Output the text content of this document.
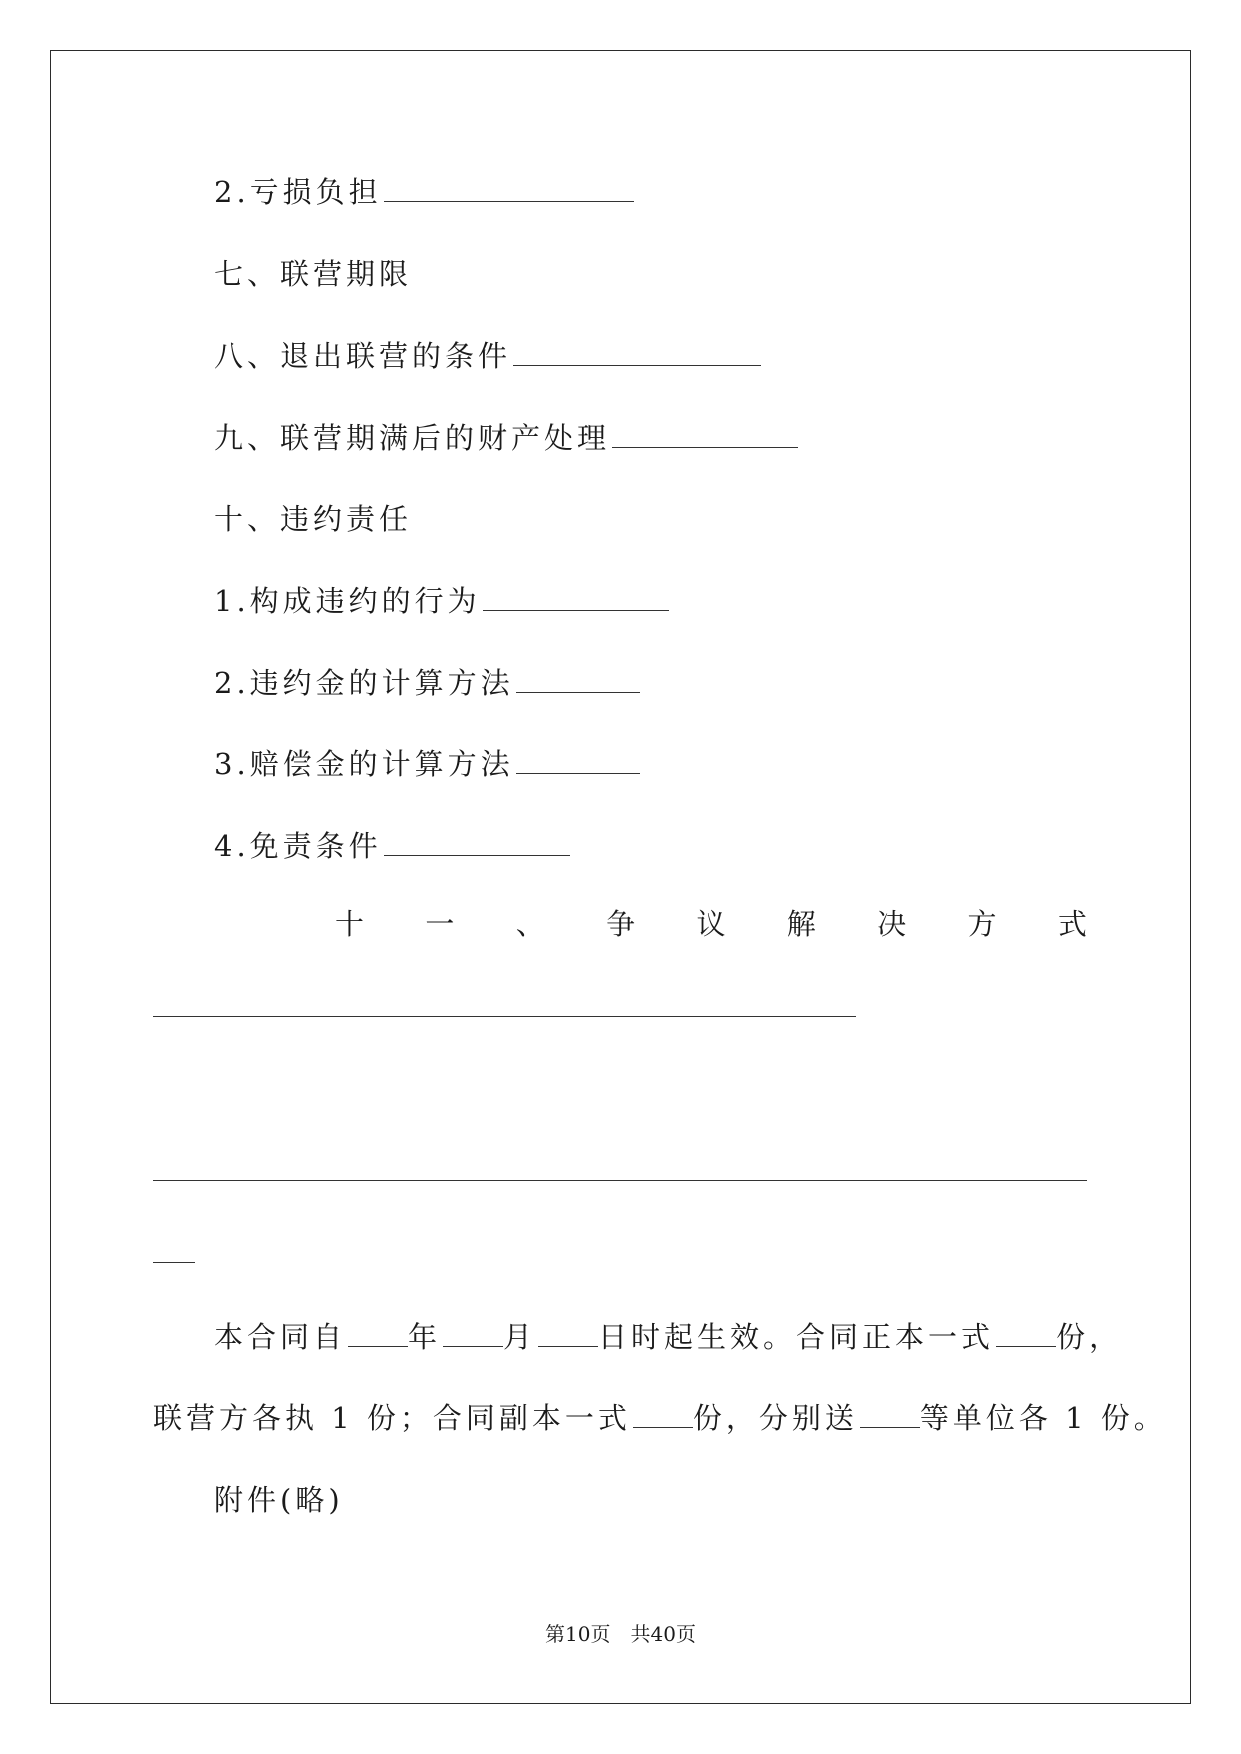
2.亏损负担
七、联营期限
八、退出联营的条件
九、联营期满后的财产处理
十、违约责任
1.构成违约的行为
2.违约金的计算方法
3.赔偿金的计算方法
4.免责条件
十 一 、 争 议 解 决 方 式
本合同自 年 月 日时起生效。合同正本一式 份，
联营方各执 1 份；合同副本一式 份，分别送 等单位各 1 份。
附件(略)
第10页　共40页
